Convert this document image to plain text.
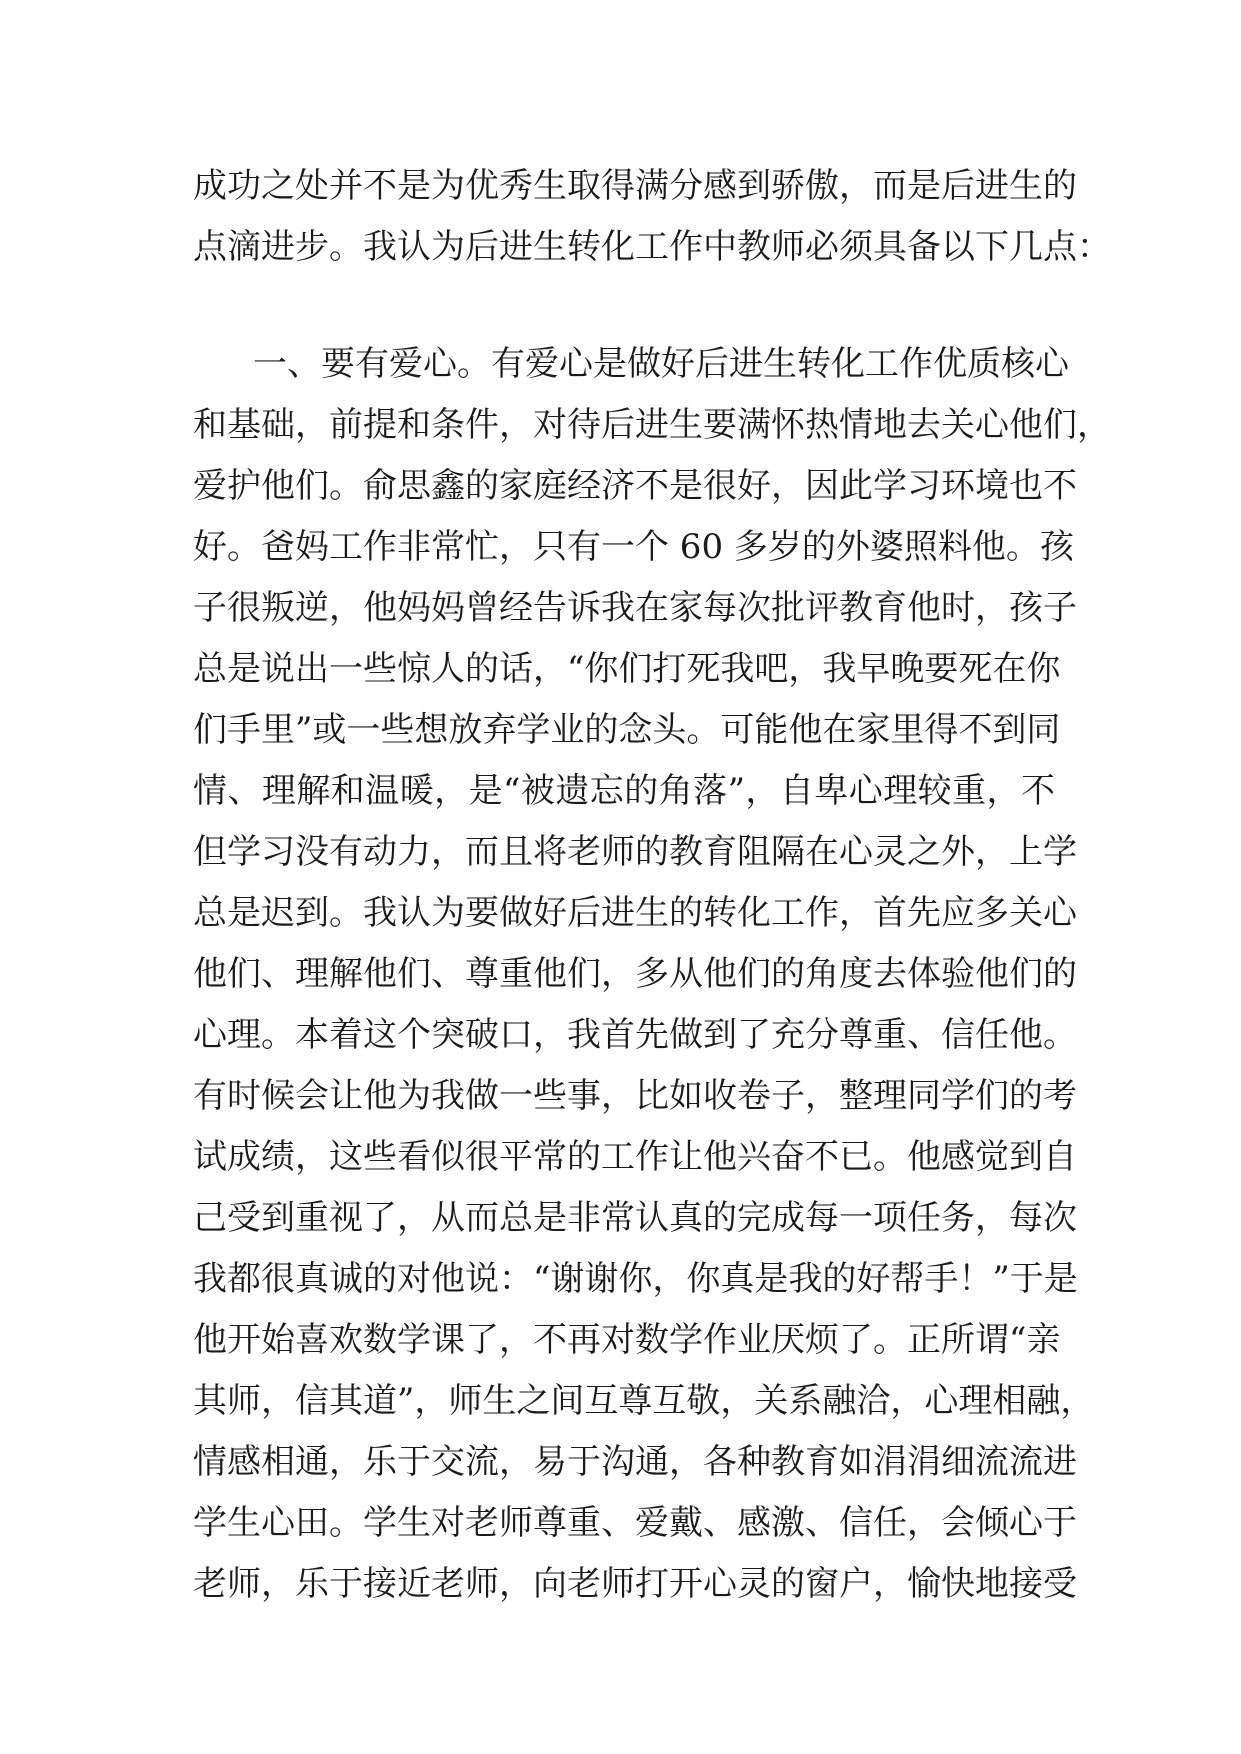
成功之处并不是为优秀生取得满分感到骄傲，而是后进生的
点滴进步。我认为后进生转化工作中教师必须具备以下几点：
一、要有爱心。有爱心是做好后进生转化工作优质核心
和基础，前提和条件，对待后进生要满怀热情地去关心他们，
爱护他们。俞思鑫的家庭经济不是很好，因此学习环境也不
好。爸妈工作非常忙，只有一个 60 多岁的外婆照料他。孩
子很叛逆，他妈妈曾经告诉我在家每次批评教育他时，孩子
总是说出一些惊人的话，“你们打死我吧，我早晚要死在你
们手里”或一些想放弃学业的念头。可能他在家里得不到同
情、理解和温暖，是“被遗忘的角落”，自卑心理较重，不
但学习没有动力，而且将老师的教育阻隔在心灵之外，上学
总是迟到。我认为要做好后进生的转化工作，首先应多关心
他们、理解他们、尊重他们，多从他们的角度去体验他们的
心理。本着这个突破口，我首先做到了充分尊重、信任他。
有时候会让他为我做一些事，比如收卷子，整理同学们的考
试成绩，这些看似很平常的工作让他兴奋不已。他感觉到自
己受到重视了，从而总是非常认真的完成每一项任务，每次
我都很真诚的对他说：“谢谢你，你真是我的好帮手！”于是
他开始喜欢数学课了，不再对数学作业厌烦了。正所谓“亲
其师，信其道”，师生之间互尊互敬，关系融洽，心理相融，
情感相通，乐于交流，易于沟通，各种教育如涓涓细流流进
学生心田。学生对老师尊重、爱戴、感激、信任，会倾心于
老师，乐于接近老师，向老师打开心灵的窗户，愉快地接受
